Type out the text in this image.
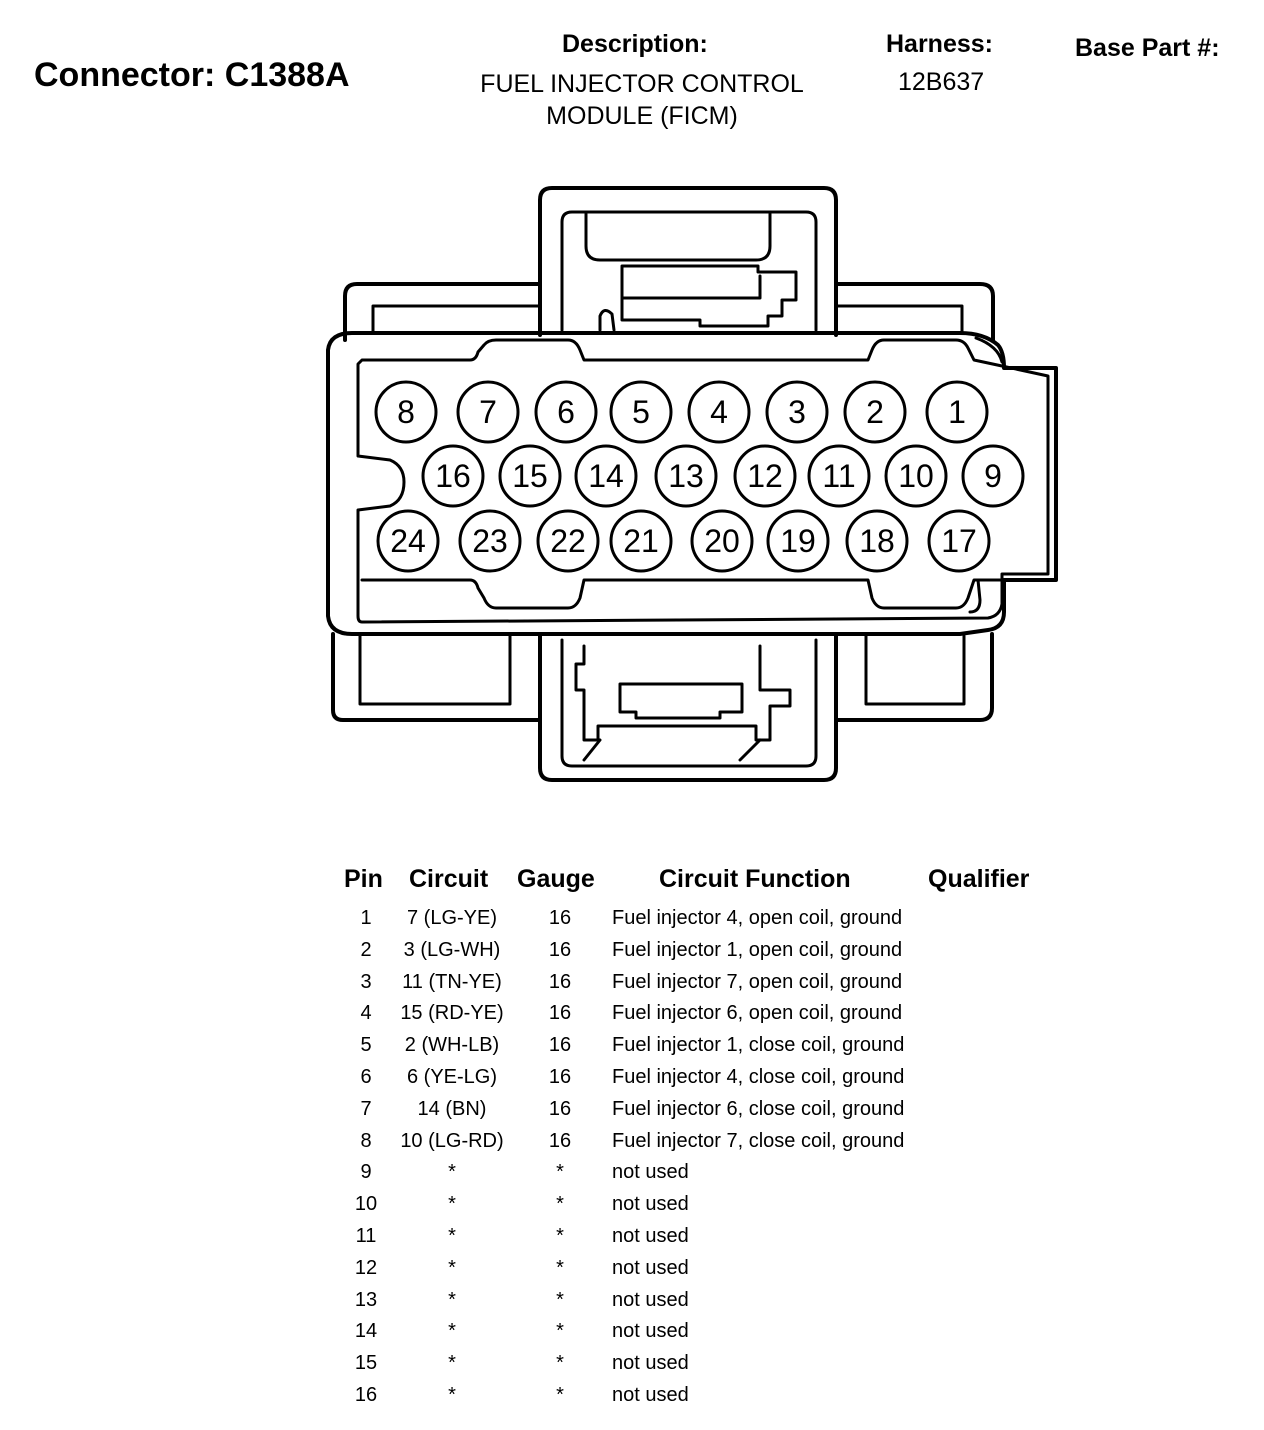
Connector: C1388A
Description:
FUEL INJECTOR CONTROL
MODULE (FICM)
Harness:
12B637
Base Part #:
8 7 6 5 4 3 2 1
16 15 14 13 12 11 10 9
24 23 22 21 20 19 18 17
Pin Circuit Gauge	Circuit Function	Qualifier
1	7 (LG-YE)	16	Fuel injector 4, open coil, ground
2	3 (LG-WH)	16	Fuel injector 1, open coil, ground
3	11 (TN-YE)	16	Fuel injector 7, open coil, ground
4	15 (RD-YE)	16	Fuel injector 6, open coil, ground
5	2 (WH-LB)	16	Fuel injector 1, close coil, ground
6	6 (YE-LG)	16	Fuel injector 4, close coil, ground
7	14 (BN)	16	Fuel injector 6, close coil, ground
8	10 (LG-RD)	16	Fuel injector 7, close coil, ground
9	*	*	not used
10	*	*	not used
11	*	*	not used
12	*	*	not used
13	*	*	not used
14	*	*	not used
15	*	*	not used
16	*	*	not used
